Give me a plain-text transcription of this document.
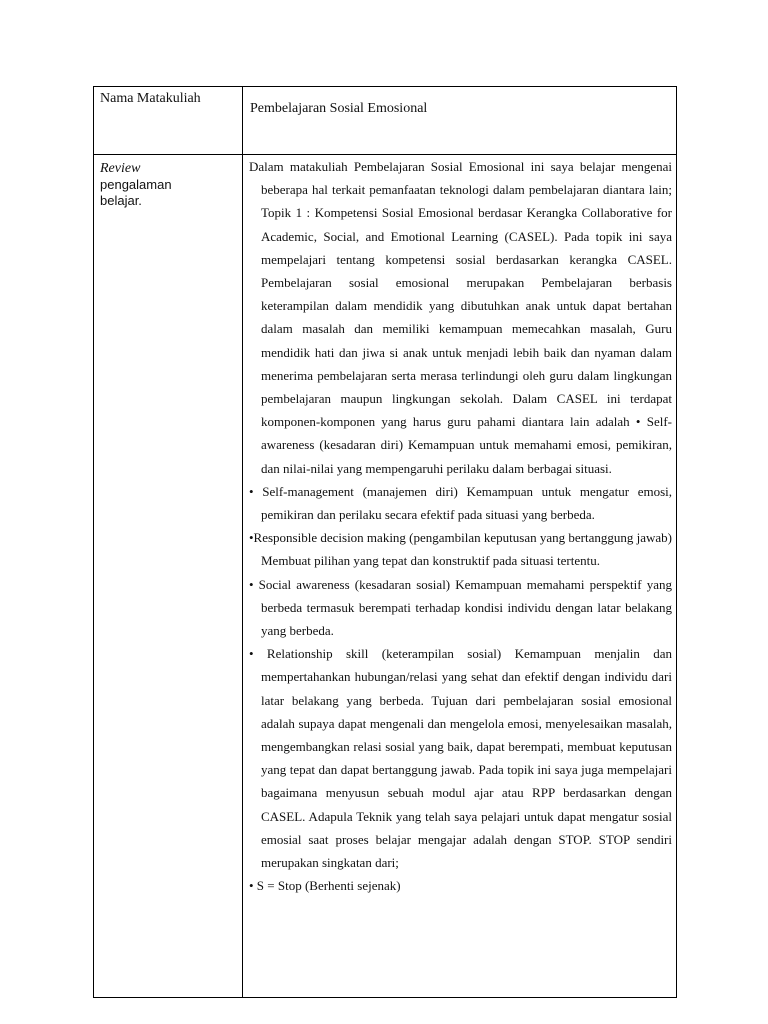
Nama Matakuliah
Pembelajaran Sosial Emosional
Review
pengalaman
belajar.

Dalam matakuliah Pembelajaran Sosial Emosional ini saya belajar mengenai beberapa hal terkait pemanfaatan teknologi dalam pembelajaran diantara lain; Topik 1 : Kompetensi Sosial Emosional berdasar Kerangka Collaborative for Academic, Social, and Emotional Learning (CASEL). Pada topik ini saya mempelajari tentang kompetensi sosial berdasarkan kerangka CASEL. Pembelajaran sosial emosional merupakan Pembelajaran berbasis keterampilan dalam mendidik yang dibutuhkan anak untuk dapat bertahan dalam masalah dan memiliki kemampuan memecahkan masalah, Guru mendidik hati dan jiwa si anak untuk menjadi lebih baik dan nyaman dalam menerima pembelajaran serta merasa terlindungi oleh guru dalam lingkungan pembelajaran maupun lingkungan sekolah. Dalam CASEL ini terdapat komponen-komponen yang harus guru pahami diantara lain adalah • Self-awareness (kesadaran diri) Kemampuan untuk memahami emosi, pemikiran, dan nilai-nilai yang mempengaruhi perilaku dalam berbagai situasi.

• Self-management (manajemen diri) Kemampuan untuk mengatur emosi, pemikiran dan perilaku secara efektif pada situasi yang berbeda.

•Responsible decision making (pengambilan keputusan yang bertanggung jawab) Membuat pilihan yang tepat dan konstruktif pada situasi tertentu.

• Social awareness (kesadaran sosial) Kemampuan memahami perspektif yang berbeda termasuk berempati terhadap kondisi individu dengan latar belakang yang berbeda.

• Relationship skill (keterampilan sosial) Kemampuan menjalin dan mempertahankan hubungan/relasi yang sehat dan efektif dengan individu dari latar belakang yang berbeda. Tujuan dari pembelajaran sosial emosional adalah supaya dapat mengenali dan mengelola emosi, menyelesaikan masalah, mengembangkan relasi sosial yang baik, dapat berempati, membuat keputusan yang tepat dan dapat bertanggung jawab. Pada topik ini saya juga mempelajari bagaimana menyusun sebuah modul ajar atau RPP berdasarkan dengan CASEL. Adapula Teknik yang telah saya pelajari untuk dapat mengatur sosial emosial saat proses belajar mengajar adalah dengan STOP. STOP sendiri merupakan singkatan dari;

• S = Stop (Berhenti sejenak)
